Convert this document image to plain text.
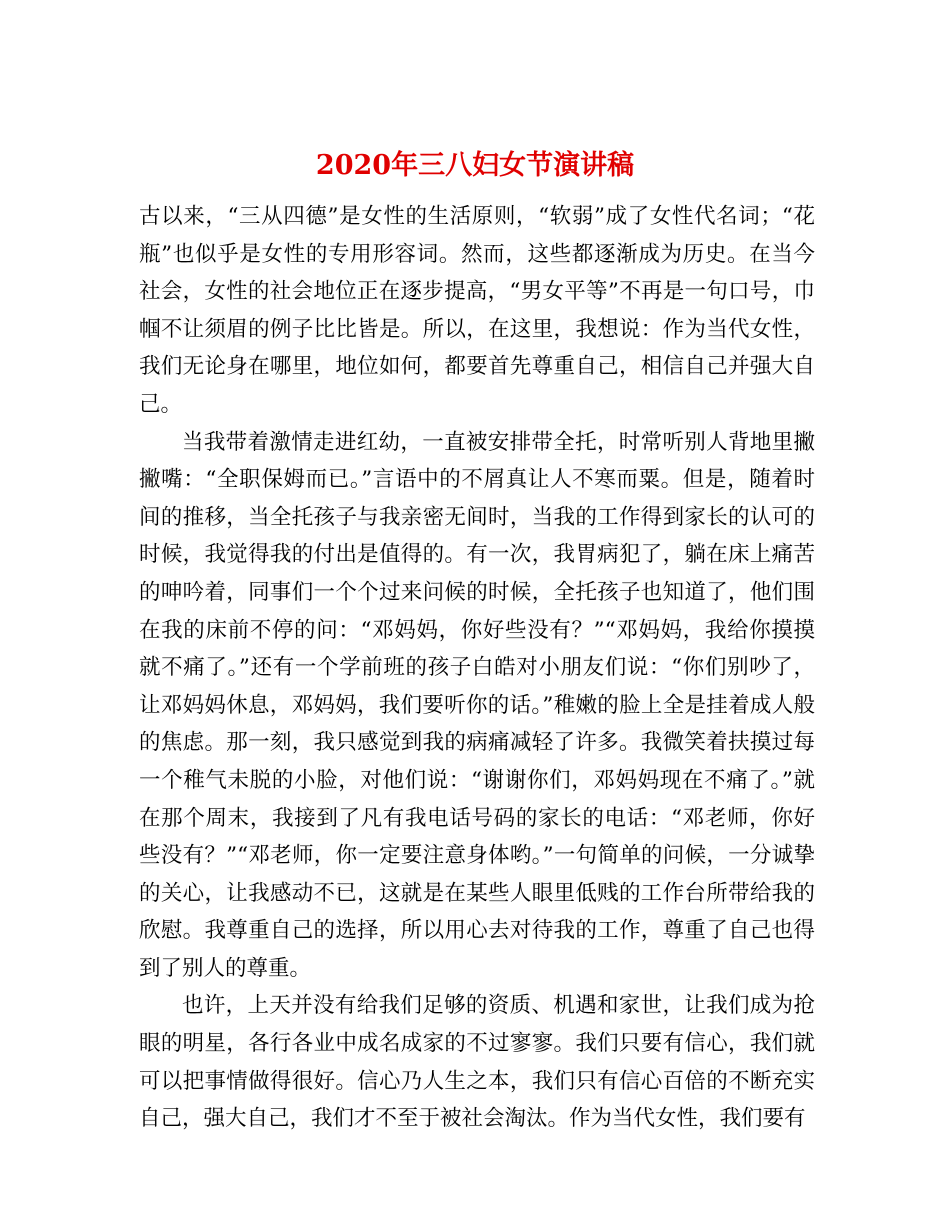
2020年三八妇女节演讲稿

古以来，“三从四德”是女性的生活原则，“软弱”成了女性代名词；“花瓶”也似乎是女性的专用形容词。然而，这些都逐渐成为历史。在当今社会，女性的社会地位正在逐步提高，“男女平等”不再是一句口号，巾帼不让须眉的例子比比皆是。所以，在这里，我想说：作为当代女性，我们无论身在哪里，地位如何，都要首先尊重自己，相信自己并强大自己。

当我带着激情走进红幼，一直被安排带全托，时常听别人背地里撇撇嘴：“全职保姆而已。”言语中的不屑真让人不寒而粟。但是，随着时间的推移，当全托孩子与我亲密无间时，当我的工作得到家长的认可的时候，我觉得我的付出是值得的。有一次，我胃病犯了，躺在床上痛苦的呻吟着，同事们一个个过来问候的时候，全托孩子也知道了，他们围在我的床前不停的问：“邓妈妈，你好些没有？”“邓妈妈，我给你摸摸就不痛了。”还有一个学前班的孩子白皓对小朋友们说：“你们别吵了，让邓妈妈休息，邓妈妈，我们要听你的话。”稚嫩的脸上全是挂着成人般的焦虑。那一刻，我只感觉到我的病痛减轻了许多。我微笑着扶摸过每一个稚气未脱的小脸，对他们说：“谢谢你们，邓妈妈现在不痛了。”就在那个周末，我接到了凡有我电话号码的家长的电话：“邓老师，你好些没有？”“邓老师，你一定要注意身体哟。”一句简单的问候，一分诚挚的关心，让我感动不已，这就是在某些人眼里低贱的工作台所带给我的欣慰。我尊重自己的选择，所以用心去对待我的工作，尊重了自己也得到了别人的尊重。

也许，上天并没有给我们足够的资质、机遇和家世，让我们成为抢眼的明星，各行各业中成名成家的不过寥寥。我们只要有信心，我们就可以把事情做得很好。信心乃人生之本，我们只有信心百倍的不断充实自己，强大自己，我们才不至于被社会淘汰。作为当代女性，我们要有
